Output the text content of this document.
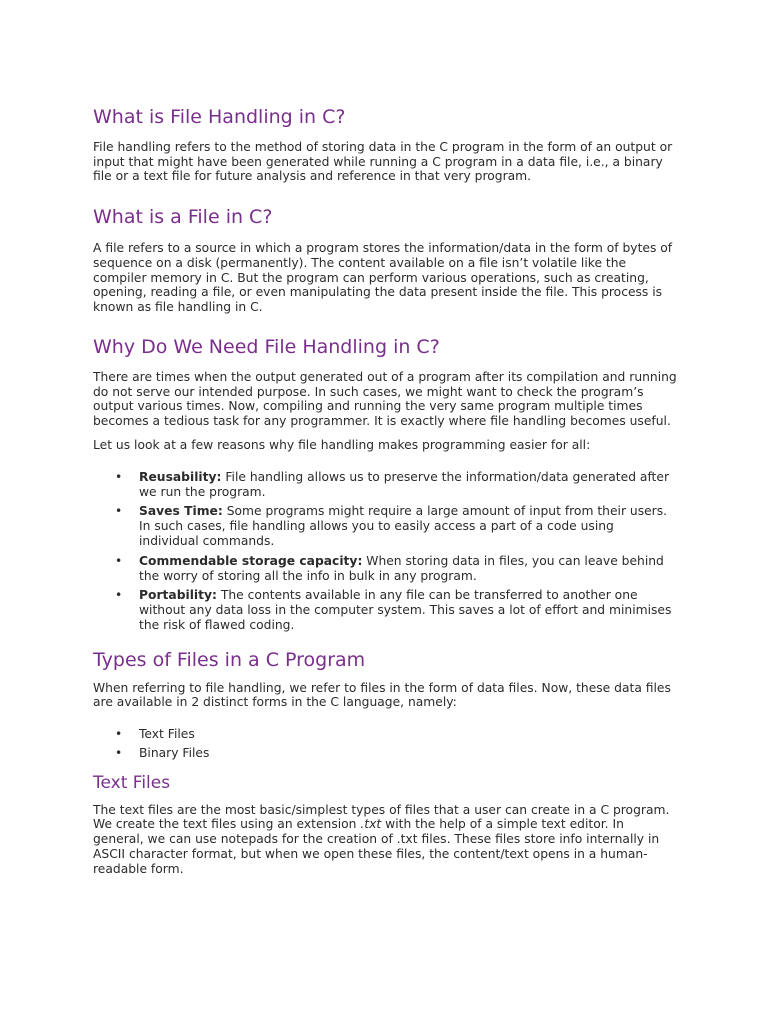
What is File Handling in C?

File handling refers to the method of storing data in the C program in the form of an output or input that might have been generated while running a C program in a data file, i.e., a binary file or a text file for future analysis and reference in that very program.

What is a File in C?

A file refers to a source in which a program stores the information/data in the form of bytes of sequence on a disk (permanently). The content available on a file isn’t volatile like the compiler memory in C. But the program can perform various operations, such as creating, opening, reading a file, or even manipulating the data present inside the file. This process is known as file handling in C.

Why Do We Need File Handling in C?

There are times when the output generated out of a program after its compilation and running do not serve our intended purpose. In such cases, we might want to check the program’s output various times. Now, compiling and running the very same program multiple times becomes a tedious task for any programmer. It is exactly where file handling becomes useful.

Let us look at a few reasons why file handling makes programming easier for all:

• Reusability: File handling allows us to preserve the information/data generated after we run the program.
• Saves Time: Some programs might require a large amount of input from their users. In such cases, file handling allows you to easily access a part of a code using individual commands.
• Commendable storage capacity: When storing data in files, you can leave behind the worry of storing all the info in bulk in any program.
• Portability: The contents available in any file can be transferred to another one without any data loss in the computer system. This saves a lot of effort and minimises the risk of flawed coding.
Types of Files in a C Program

When referring to file handling, we refer to files in the form of data files. Now, these data files are available in 2 distinct forms in the C language, namely:

• Text Files
• Binary Files
Text Files

The text files are the most basic/simplest types of files that a user can create in a C program. We create the text files using an extension .txt with the help of a simple text editor. In general, we can use notepads for the creation of .txt files. These files store info internally in ASCII character format, but when we open these files, the content/text opens in a human-readable form.
